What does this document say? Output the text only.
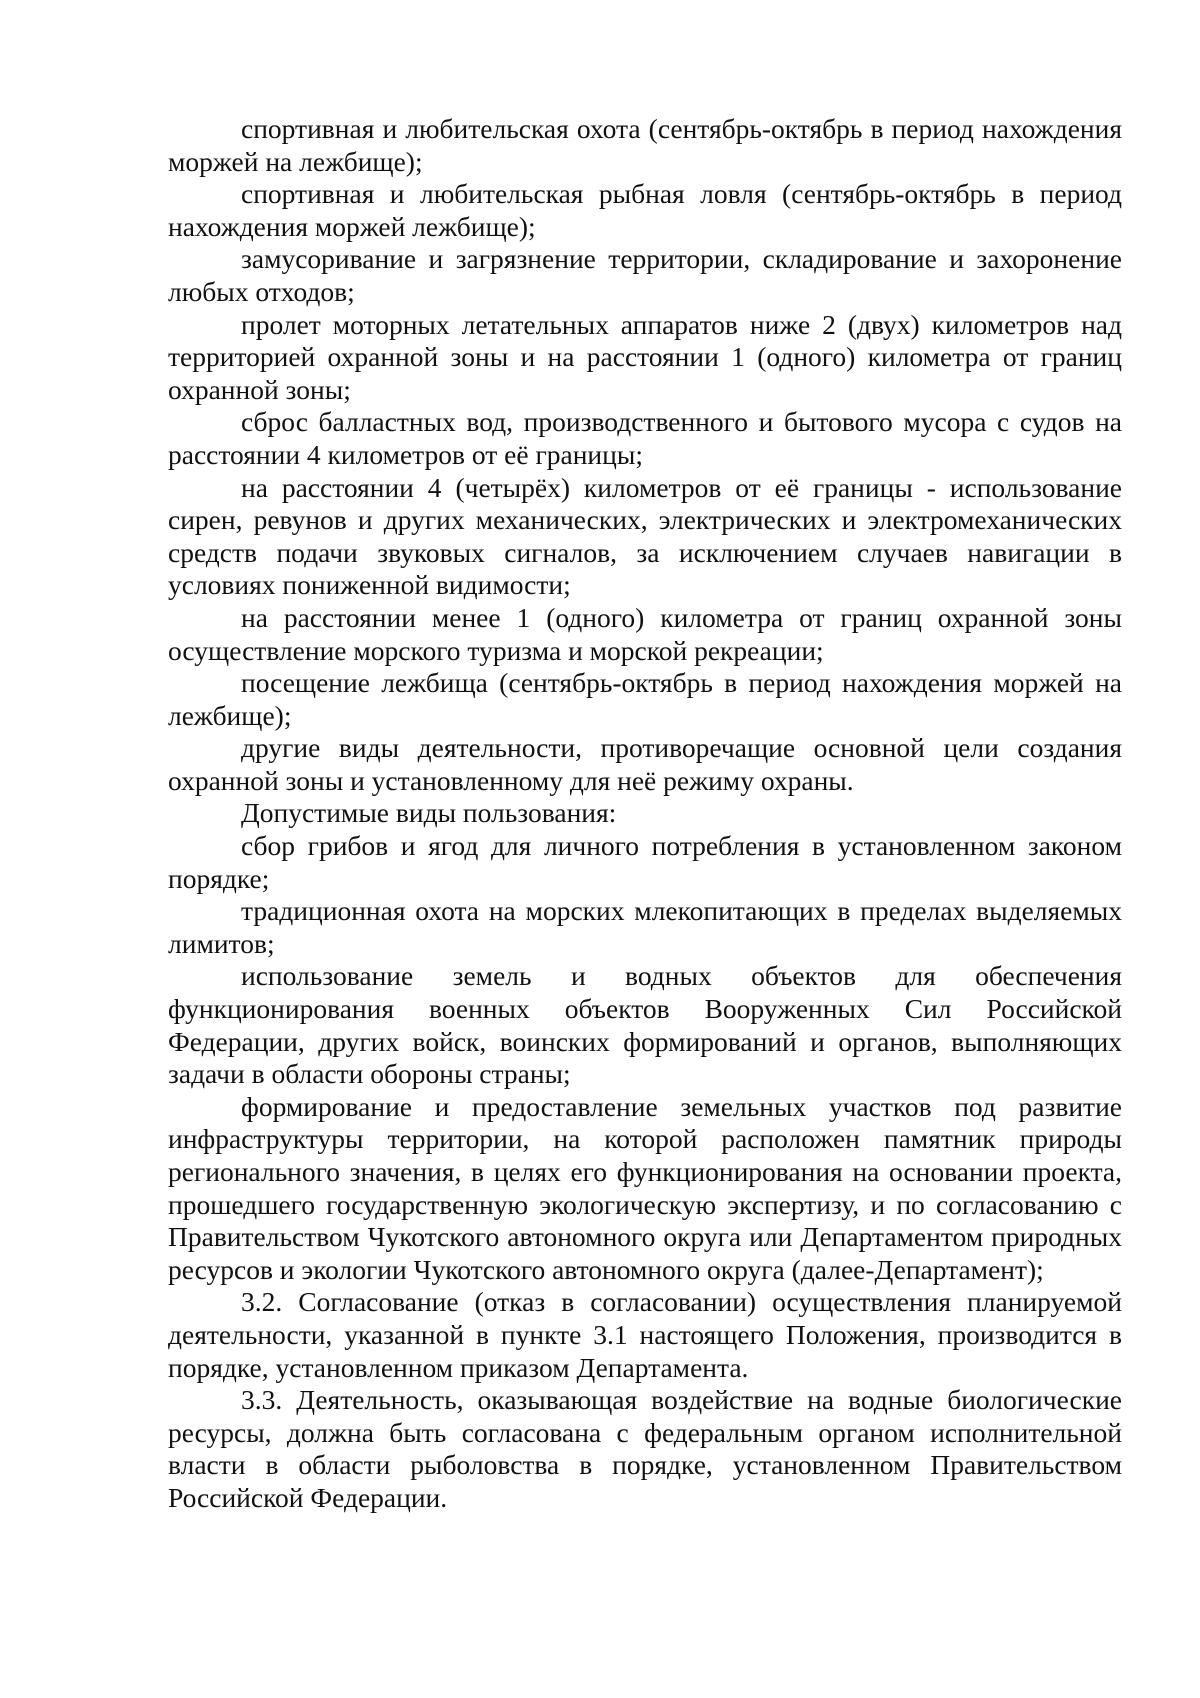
спортивная и любительская охота (сентябрь-октябрь в период нахождения моржей на лежбище);

спортивная и любительская рыбная ловля (сентябрь-октябрь в период нахождения моржей лежбище);

замусоривание и загрязнение территории, складирование и захоронение любых отходов;

пролет моторных летательных аппаратов ниже 2 (двух) километров над территорией охранной зоны и на расстоянии 1 (одного) километра от границ охранной зоны;

сброс балластных вод, производственного и бытового мусора с судов на расстоянии 4 километров от её границы;

на расстоянии 4 (четырёх) километров от её границы - использование сирен, ревунов и других механических, электрических и электромеханических средств подачи звуковых сигналов, за исключением случаев навигации в условиях пониженной видимости;

на расстоянии менее 1 (одного) километра от границ охранной зоны осуществление морского туризма и морской рекреации;

посещение лежбища (сентябрь-октябрь в период нахождения моржей на лежбище);

другие виды деятельности, противоречащие основной цели создания охранной зоны и установленному для неё режиму охраны.

Допустимые виды пользования:

сбор грибов и ягод для личного потребления в установленном законом порядке;

традиционная охота на морских млекопитающих в пределах выделяемых лимитов;

использование земель и водных объектов для обеспечения функционирования военных объектов Вооруженных Сил Российской Федерации, других войск, воинских формирований и органов, выполняющих задачи в области обороны страны;

формирование и предоставление земельных участков под развитие инфраструктуры территории, на которой расположен памятник природы регионального значения, в целях его функционирования на основании проекта, прошедшего государственную экологическую экспертизу, и по согласованию с Правительством Чукотского автономного округа или Департаментом природных ресурсов и экологии Чукотского автономного округа (далее-Департамент);

3.2. Согласование (отказ в согласовании) осуществления планируемой деятельности, указанной в пункте 3.1 настоящего Положения, производится в порядке, установленном приказом Департамента.

3.3. Деятельность, оказывающая воздействие на водные биологические ресурсы, должна быть согласована с федеральным органом исполнительной власти в области рыболовства в порядке, установленном Правительством Российской Федерации.
